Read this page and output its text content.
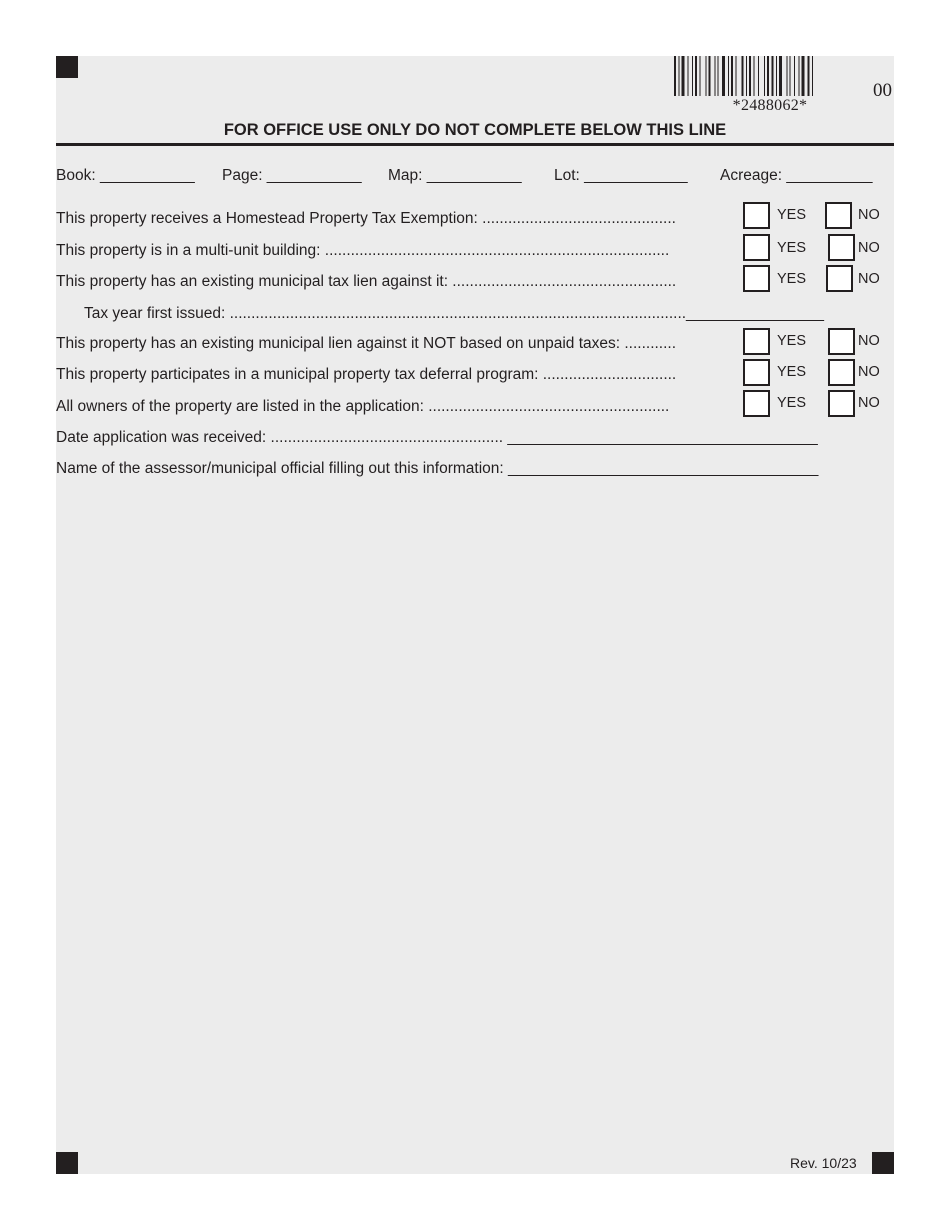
*2488062*
00
FOR OFFICE USE ONLY DO NOT COMPLETE BELOW THIS LINE
Book: ___________ Page: ___________ Map: ___________ Lot: ____________ Acreage: __________
This property receives a Homestead Property Tax Exemption: .............................................	YES	NO
This property is in a multi-unit building: ................................................................................	YES	NO
This property has an existing municipal tax lien against it: ....................................................	YES	NO
Tax year first issued: ..........................................................................................................________________
This property has an existing municipal lien against it NOT based on unpaid taxes: ............	YES	NO
This property participates in a municipal property tax deferral program: ...............................	YES	NO
All owners of the property are listed in the application: ........................................................	YES	NO
Date application was received: ...................................................... ____________________________________
Name of the assessor/municipal official filling out this information: ____________________________________
Rev. 10/23
